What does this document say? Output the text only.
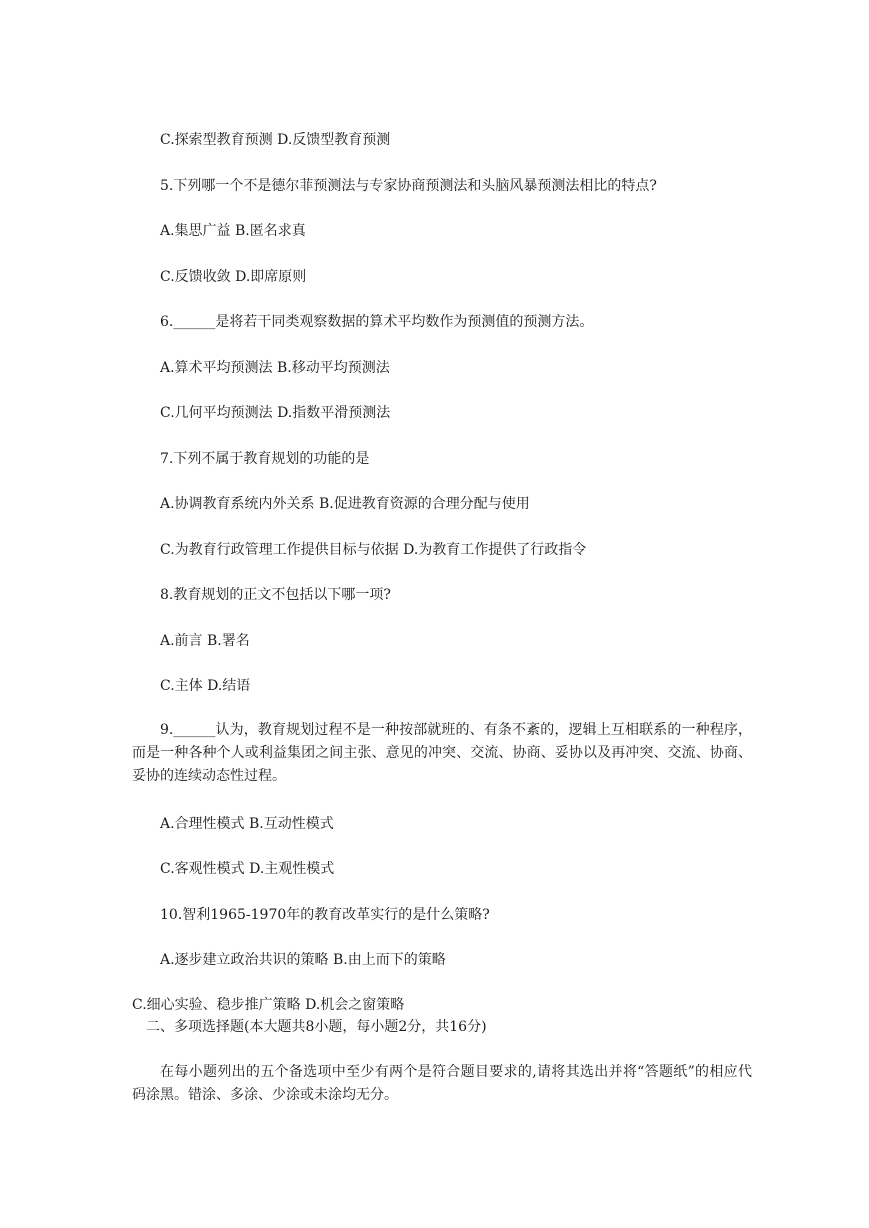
C.探索型教育预测 D.反馈型教育预测

5.下列哪一个不是德尔菲预测法与专家协商预测法和头脑风暴预测法相比的特点?

A.集思广益 B.匿名求真

C.反馈收敛 D.即席原则

6.______是将若干同类观察数据的算术平均数作为预测值的预测方法。

A.算术平均预测法 B.移动平均预测法

C.几何平均预测法 D.指数平滑预测法

7.下列不属于教育规划的功能的是

A.协调教育系统内外关系 B.促进教育资源的合理分配与使用

C.为教育行政管理工作提供目标与依据 D.为教育工作提供了行政指令

8.教育规划的正文不包括以下哪一项?

A.前言 B.署名

C.主体 D.结语

9.______认为，教育规划过程不是一种按部就班的、有条不紊的，逻辑上互相联系的一种程序，而是一种各种个人或利益集团之间主张、意见的冲突、交流、协商、妥协以及再冲突、交流、协商、妥协的连续动态性过程。

A.合理性模式 B.互动性模式

C.客观性模式 D.主观性模式

10.智利1965-1970年的教育改革实行的是什么策略?

A.逐步建立政治共识的策略 B.由上而下的策略

C.细心实验、稳步推广策略 D.机会之窗策略

二、多项选择题(本大题共8小题，每小题2分，共16分)

在每小题列出的五个备选项中至少有两个是符合题目要求的,请将其选出并将“答题纸”的相应代码涂黑。错涂、多涂、少涂或未涂均无分。
